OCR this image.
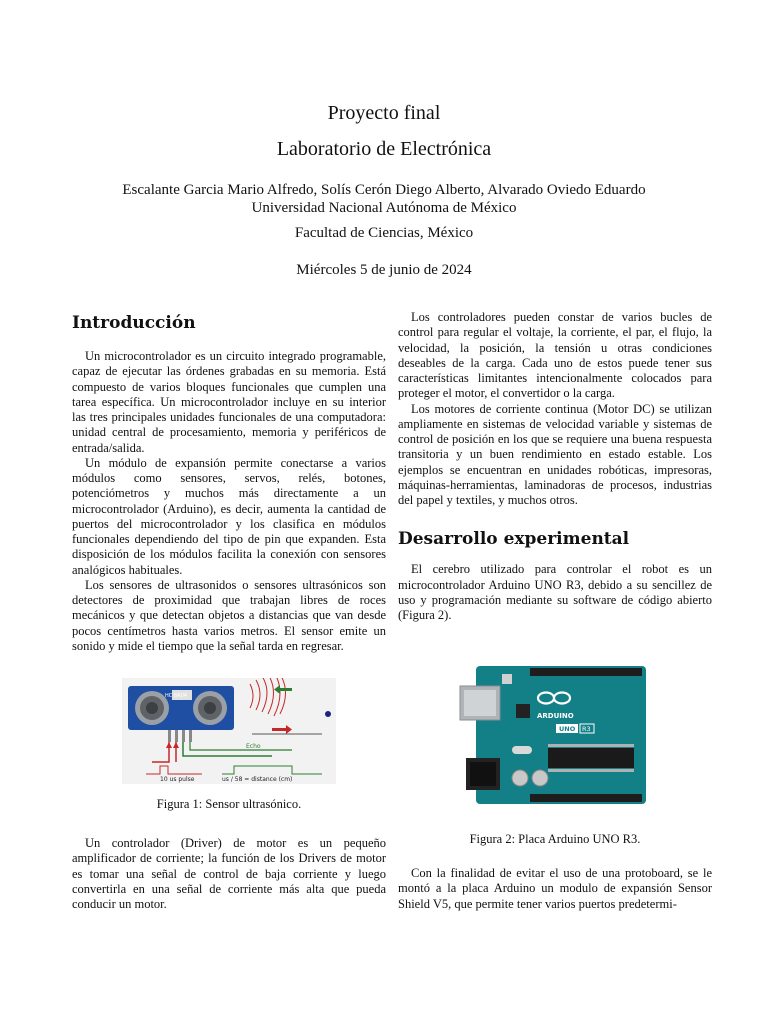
Proyecto final
Laboratorio de Electrónica
Escalante Garcia Mario Alfredo, Solís Cerón Diego Alberto, Alvarado Oviedo Eduardo
Universidad Nacional Autónoma de México
Facultad de Ciencias, México
Miércoles 5 de junio de 2024
Introducción

Un microcontrolador es un circuito integrado programable, capaz de ejecutar las órdenes grabadas en su memoria. Está compuesto de varios bloques funcionales que cumplen una tarea específica. Un microcontrolador incluye en su interior las tres principales unidades funcionales de una computadora: unidad central de procesamiento, memoria y periféricos de entrada/salida.

Un módulo de expansión permite conectarse a varios módulos como sensores, servos, relés, botones, potenciómetros y muchos más directamente a un microcontrolador (Arduino), es decir, aumenta la cantidad de puertos del microcontrolador y los clasifica en módulos funcionales dependiendo del tipo de pin que expanden. Esta disposición de los módulos facilita la conexión con sensores analógicos habituales.

Los sensores de ultrasonidos o sensores ultrasónicos son detectores de proximidad que trabajan libres de roces mecánicos y que detectan objetos a distancias que van desde pocos centímetros hasta varios metros. El sensor emite un sonido y mide el tiempo que la señal tarda en regresar.

HC-SR04
Echo
10 us pulse	us / 58 = distance (cm)
Figura 1: Sensor ultrasónico.

Un controlador (Driver) de motor es un pequeño amplificador de corriente; la función de los Drivers de motor es tomar una señal de control de baja corriente y luego convertirla en una señal de corriente más alta que pueda conducir un motor.

Los controladores pueden constar de varios bucles de control para regular el voltaje, la corriente, el par, el flujo, la velocidad, la posición, la tensión u otras condiciones deseables de la carga. Cada uno de estos puede tener sus características limitantes intencionalmente colocados para proteger el motor, el convertidor o la carga.

Los motores de corriente continua (Motor DC) se utilizan ampliamente en sistemas de velocidad variable y sistemas de control de posición en los que se requiere una buena respuesta transitoria y un buen rendimiento en estado estable. Los ejemplos se encuentran en unidades robóticas, impresoras, máquinas-herramientas, laminadoras de procesos, industrias del papel y textiles, y muchos otros.

Desarrollo experimental

El cerebro utilizado para controlar el robot es un microcontrolador Arduino UNO R3, debido a su sencillez de uso y programación mediante su software de código abierto (Figura 2).

ARDUINO
UNO R3
Figura 2: Placa Arduino UNO R3.

Con la finalidad de evitar el uso de una protoboard, se le montó a la placa Arduino un modulo de expansión Sensor Shield V5, que permite tener varios puertos predetermi-
